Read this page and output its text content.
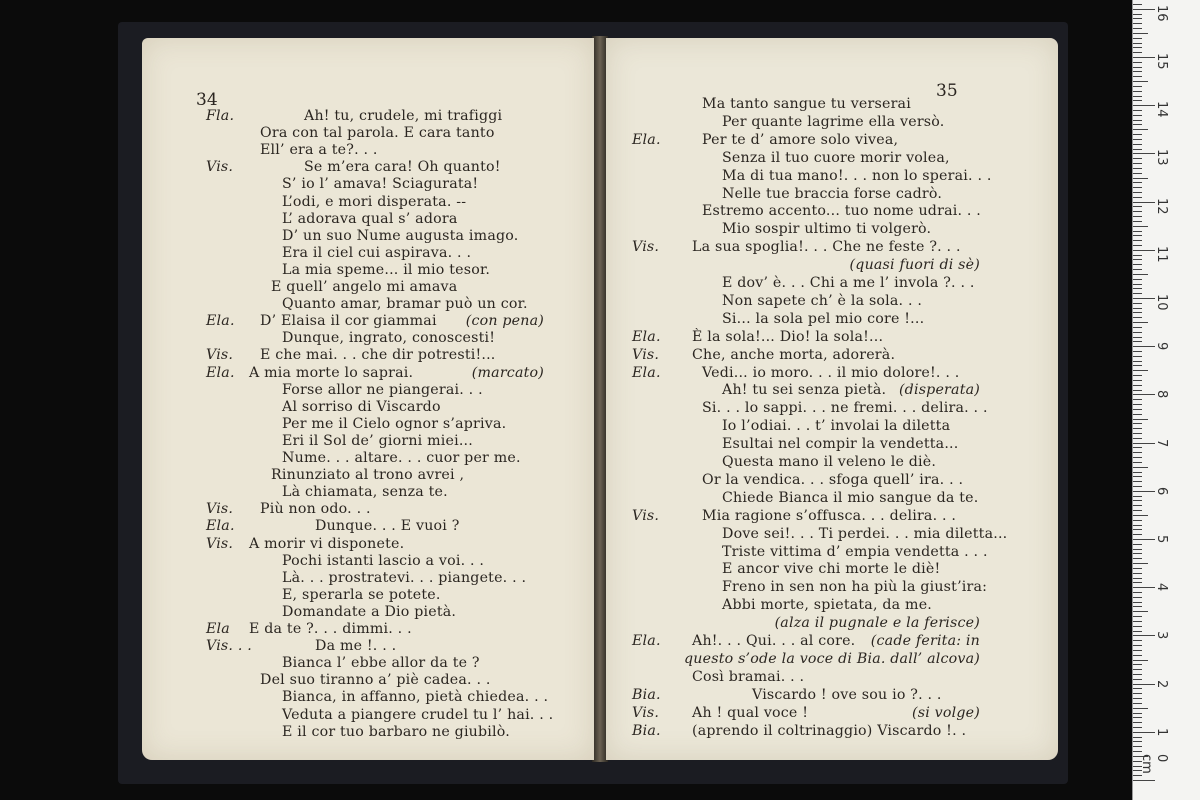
34
Fla.	Ah! tu, crudele, mi trafiggi
Ora con tal parola. E cara tanto
Ell’ era a te?. . .
Vis.	Se m’era cara! Oh quanto!
S’ io l’ amava! Sciagurata!
L’odi, e mori disperata. --
L’ adorava qual s’ adora
D’ un suo Nume augusta imago.
Era il ciel cui aspirava. . .
La mia speme... il mio tesor.
E quell’ angelo mi amava
Quanto amar, bramar può un cor.
Ela. D’ Elaisa il cor giammai (con pena)
Dunque, ingrato, conoscesti!
Vis. E che mai. . . che dir potresti!...
Ela. A mia morte lo saprai.	(marcato)
Forse allor ne piangerai. . .
Al sorriso di Viscardo
Per me il Cielo ognor s’apriva.
Eri il Sol de’ giorni miei...
Nume. . . altare. . . cuor per me.
Rinunziato al trono avrei ,
Là chiamata, senza te.
Vis. Più non odo. . .
Ela.	Dunque. . . E vuoi ?
Vis. A morir vi disponete.
Pochi istanti lascio a voi. . .
Là. . . prostratevi. . . piangete. . .
E, sperarla se potete.
Domandate a Dio pietà.
Ela E da te ?. . . dimmi. . .
Vis. . .	Da me !. . .
Bianca l’ ebbe allor da te ?
Del suo tiranno a’ piè cadea. . .
Bianca, in affanno, pietà chiedea. . .
Veduta a piangere crudel tu l’ hai. . .
E il cor tuo barbaro ne giubilò.
35
Ma tanto sangue tu verserai
Per quante lagrime ella versò.
Ela.	Per te d’ amore solo vivea,
Senza il tuo cuore morir volea,
Ma di tua mano!. . . non lo sperai. . .
Nelle tue braccia forse cadrò.
Estremo accento... tuo nome udrai. . .
Mio sospir ultimo ti volgerò.
Vis. La sua spoglia!. . . Che ne feste ?. . .
(quasi fuori di sè)
E dov’ è. . . Chi a me l’ invola ?. . .
Non sapete ch’ è la sola. . .
Si... la sola pel mio core !...
Ela. È la sola!... Dio! la sola!...
Vis. Che, anche morta, adorerà.
Ela.	Vedi... io moro. . . il mio dolore!. . .
Ah! tu sei senza pietà. (disperata)
Si. . . lo sappi. . . ne fremi. . . delira. . .
Io l’odiai. . . t’ involai la diletta
Esultai nel compir la vendetta...
Questa mano il veleno le diè.
Or la vendica. . . sfoga quell’ ira. . .
Chiede Bianca il mio sangue da te.
Vis.	Mia ragione s’offusca. . . delira. . .
Dove sei!. . . Ti perdei. . . mia diletta...
Triste vittima d’ empia vendetta . . .
E ancor vive chi morte le diè!
Freno in sen non ha più la giust’ira:
Abbi morte, spietata, da me.
(alza il pugnale e la ferisce)
Ela. Ah!. . . Qui. . . al core. (cade ferita: in
questo s’ode la voce di Bia. dall’ alcova)
Così bramai. . .
Bia.	Viscardo ! ove sou io ?. . .
Vis. Ah ! qual voce !	(si volge)
Bia. (aprendo il coltrinaggio) Viscardo !. .
0 cm
1
2
3
4
5
6
7
8
9
10
11
12
13
14
15
16
